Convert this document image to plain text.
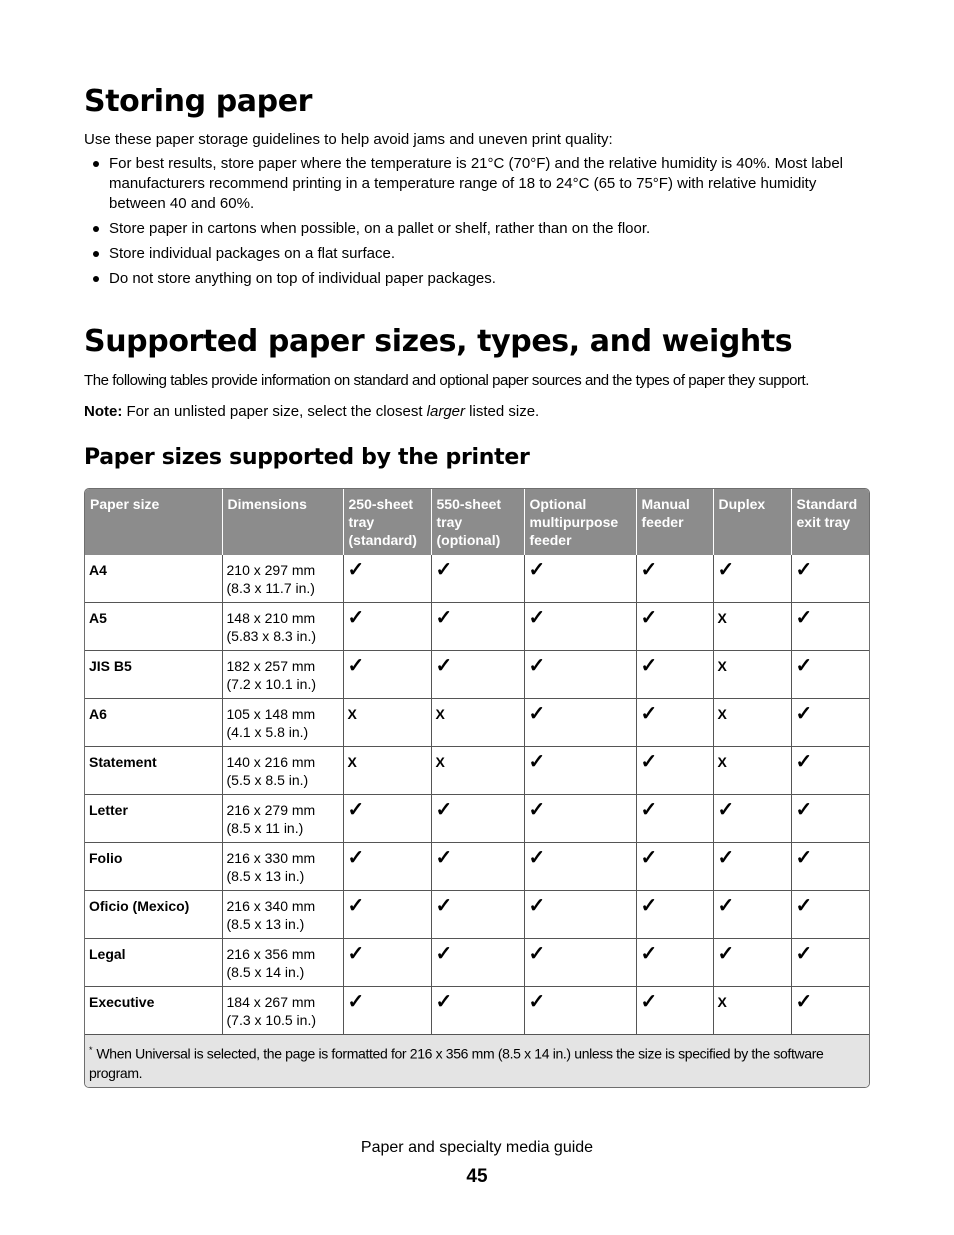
Storing paper

Use these paper storage guidelines to help avoid jams and uneven print quality:

For best results, store paper where the temperature is 21°C (70°F) and the relative humidity is 40%. Most label manufacturers recommend printing in a temperature range of 18 to 24°C (65 to 75°F) with relative humidity between 40 and 60%.
Store paper in cartons when possible, on a pallet or shelf, rather than on the floor.
Store individual packages on a flat surface.
Do not store anything on top of individual paper packages.
Supported paper sizes, types, and weights

The following tables provide information on standard and optional paper sources and the types of paper they support.

Note: For an unlisted paper size, select the closest larger listed size.

Paper sizes supported by the printer
Paper size	Dimensions	250-sheet tray (standard)	550-sheet tray (optional)	Optional multipurpose feeder	Manual feeder	Duplex	Standard exit tray
A4	210 x 297 mm
(8.3 x 11.7 in.)	✓	✓	✓	✓	✓	✓
A5	148 x 210 mm
(5.83 x 8.3 in.)	✓	✓	✓	✓	X	✓
JIS B5	182 x 257 mm
(7.2 x 10.1 in.)	✓	✓	✓	✓	X	✓
A6	105 x 148 mm
(4.1 x 5.8 in.)	X	X	✓	✓	X	✓
Statement	140 x 216 mm
(5.5 x 8.5 in.)	X	X	✓	✓	X	✓
Letter	216 x 279 mm
(8.5 x 11 in.)	✓	✓	✓	✓	✓	✓
Folio	216 x 330 mm
(8.5 x 13 in.)	✓	✓	✓	✓	✓	✓
Oficio (Mexico)	216 x 340 mm
(8.5 x 13 in.)	✓	✓	✓	✓	✓	✓
Legal	216 x 356 mm
(8.5 x 14 in.)	✓	✓	✓	✓	✓	✓
Executive	184 x 267 mm
(7.3 x 10.5 in.)	✓	✓	✓	✓	X	✓
* When Universal is selected, the page is formatted for 216 x 356 mm (8.5 x 14 in.) unless the size is specified by the software program.							
Paper and specialty media guide
45
